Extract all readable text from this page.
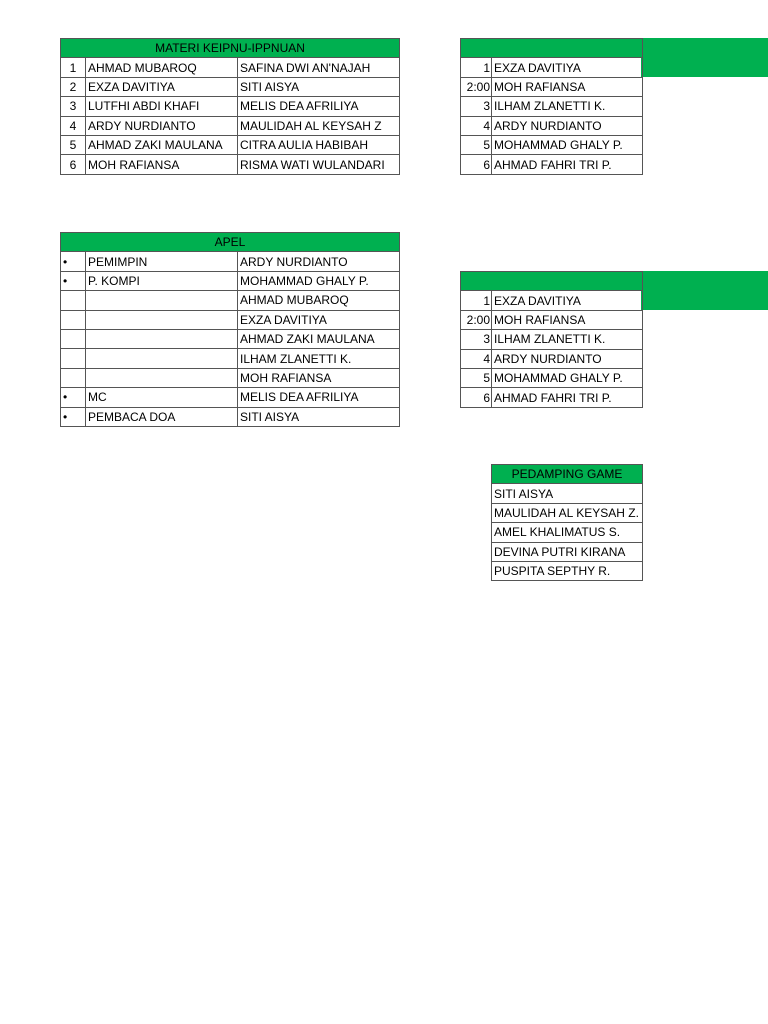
MATERI KEIPNU-IPPNUAN		
1	AHMAD MUBAROQ	SAFINA DWI AN'NAJAH
2	EXZA DAVITIYA	SITI AISYA
3	LUTFHI ABDI KHAFI	MELIS DEA AFRILIYA
4	ARDY NURDIANTO	MAULIDAH AL KEYSAH Z
5	AHMAD ZAKI MAULANA	CITRA AULIA HABIBAH
6	MOH RAFIANSA	RISMA WATI WULANDARI
APEL		
•	PEMIMPIN	ARDY NURDIANTO
•	P. KOMPI	MOHAMMAD GHALY P.
		AHMAD MUBAROQ
		EXZA DAVITIYA
		AHMAD ZAKI MAULANA
		ILHAM ZLANETTI K.
		MOH RAFIANSA
•	MC	MELIS DEA AFRILIYA
•	PEMBACA DOA	SITI AISYA

1	EXZA DAVITIYA
2:00	MOH RAFIANSA
3	ILHAM ZLANETTI K.
4	ARDY NURDIANTO
5	MOHAMMAD GHALY P.
6	AHMAD FAHRI TRI P.

1	EXZA DAVITIYA
2:00	MOH RAFIANSA
3	ILHAM ZLANETTI K.
4	ARDY NURDIANTO
5	MOHAMMAD GHALY P.
6	AHMAD FAHRI TRI P.
PEDAMPING GAME
SITI AISYA
MAULIDAH AL KEYSAH Z.
AMEL KHALIMATUS S.
DEVINA PUTRI KIRANA
PUSPITA SEPTHY R.
